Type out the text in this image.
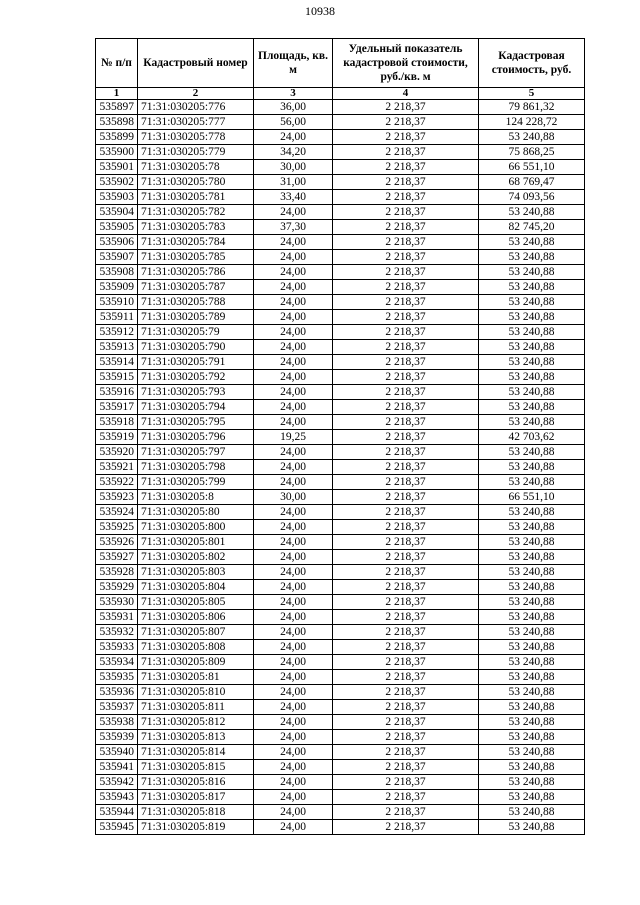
10938
№ п/п	Кадастровый номер	Площадь, кв. м	Удельный показатель кадастровой стоимости, руб./кв. м	Кадастровая стоимость, руб.
1	2	3	4	5
535897	71:31:030205:776	36,00	2 218,37	79 861,32
535898	71:31:030205:777	56,00	2 218,37	124 228,72
535899	71:31:030205:778	24,00	2 218,37	53 240,88
535900	71:31:030205:779	34,20	2 218,37	75 868,25
535901	71:31:030205:78	30,00	2 218,37	66 551,10
535902	71:31:030205:780	31,00	2 218,37	68 769,47
535903	71:31:030205:781	33,40	2 218,37	74 093,56
535904	71:31:030205:782	24,00	2 218,37	53 240,88
535905	71:31:030205:783	37,30	2 218,37	82 745,20
535906	71:31:030205:784	24,00	2 218,37	53 240,88
535907	71:31:030205:785	24,00	2 218,37	53 240,88
535908	71:31:030205:786	24,00	2 218,37	53 240,88
535909	71:31:030205:787	24,00	2 218,37	53 240,88
535910	71:31:030205:788	24,00	2 218,37	53 240,88
535911	71:31:030205:789	24,00	2 218,37	53 240,88
535912	71:31:030205:79	24,00	2 218,37	53 240,88
535913	71:31:030205:790	24,00	2 218,37	53 240,88
535914	71:31:030205:791	24,00	2 218,37	53 240,88
535915	71:31:030205:792	24,00	2 218,37	53 240,88
535916	71:31:030205:793	24,00	2 218,37	53 240,88
535917	71:31:030205:794	24,00	2 218,37	53 240,88
535918	71:31:030205:795	24,00	2 218,37	53 240,88
535919	71:31:030205:796	19,25	2 218,37	42 703,62
535920	71:31:030205:797	24,00	2 218,37	53 240,88
535921	71:31:030205:798	24,00	2 218,37	53 240,88
535922	71:31:030205:799	24,00	2 218,37	53 240,88
535923	71:31:030205:8	30,00	2 218,37	66 551,10
535924	71:31:030205:80	24,00	2 218,37	53 240,88
535925	71:31:030205:800	24,00	2 218,37	53 240,88
535926	71:31:030205:801	24,00	2 218,37	53 240,88
535927	71:31:030205:802	24,00	2 218,37	53 240,88
535928	71:31:030205:803	24,00	2 218,37	53 240,88
535929	71:31:030205:804	24,00	2 218,37	53 240,88
535930	71:31:030205:805	24,00	2 218,37	53 240,88
535931	71:31:030205:806	24,00	2 218,37	53 240,88
535932	71:31:030205:807	24,00	2 218,37	53 240,88
535933	71:31:030205:808	24,00	2 218,37	53 240,88
535934	71:31:030205:809	24,00	2 218,37	53 240,88
535935	71:31:030205:81	24,00	2 218,37	53 240,88
535936	71:31:030205:810	24,00	2 218,37	53 240,88
535937	71:31:030205:811	24,00	2 218,37	53 240,88
535938	71:31:030205:812	24,00	2 218,37	53 240,88
535939	71:31:030205:813	24,00	2 218,37	53 240,88
535940	71:31:030205:814	24,00	2 218,37	53 240,88
535941	71:31:030205:815	24,00	2 218,37	53 240,88
535942	71:31:030205:816	24,00	2 218,37	53 240,88
535943	71:31:030205:817	24,00	2 218,37	53 240,88
535944	71:31:030205:818	24,00	2 218,37	53 240,88
535945	71:31:030205:819	24,00	2 218,37	53 240,88
